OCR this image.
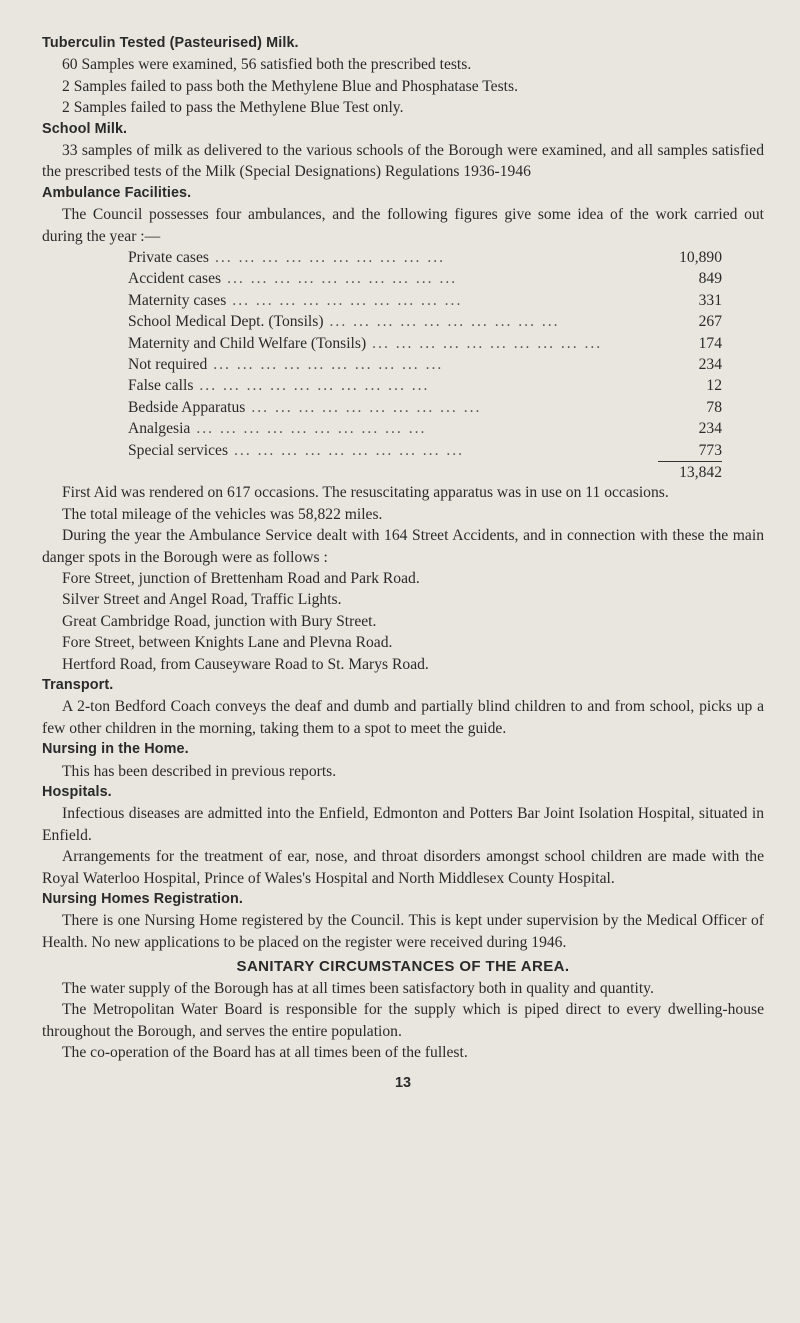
Tuberculin Tested (Pasteurised) Milk.

60 Samples were examined, 56 satisfied both the prescribed tests.

2 Samples failed to pass both the Methylene Blue and Phosphatase Tests.

2 Samples failed to pass the Methylene Blue Test only.

School Milk.

33 samples of milk as delivered to the various schools of the Borough were examined, and all samples satisfied the prescribed tests of the Milk (Special Designations) Regulations 1936-1946

Ambulance Facilities.

The Council possesses four ambulances, and the following figures give some idea of the work carried out during the year :—

Private cases ... ... ... ... ... ... ... ... ... ...	10,890
Accident cases ... ... ... ... ... ... ... ... ... ...	849
Maternity cases ... ... ... ... ... ... ... ... ... ...	331
School Medical Dept. (Tonsils) ... ... ... ... ... ... ... ... ... ...	267
Maternity and Child Welfare (Tonsils) ... ... ... ... ... ... ... ... ... ...	174
Not required ... ... ... ... ... ... ... ... ... ...	234
False calls ... ... ... ... ... ... ... ... ... ...	12
Bedside Apparatus ... ... ... ... ... ... ... ... ... ...	78
Analgesia ... ... ... ... ... ... ... ... ... ...	234
Special services ... ... ... ... ... ... ... ... ... ...	773
13,842

First Aid was rendered on 617 occasions. The resuscitating apparatus was in use on 11 occasions.

The total mileage of the vehicles was 58,822 miles.

During the year the Ambulance Service dealt with 164 Street Accidents, and in connection with these the main danger spots in the Borough were as follows :

Fore Street, junction of Brettenham Road and Park Road.

Silver Street and Angel Road, Traffic Lights.

Great Cambridge Road, junction with Bury Street.

Fore Street, between Knights Lane and Plevna Road.

Hertford Road, from Causeyware Road to St. Marys Road.

Transport.

A 2-ton Bedford Coach conveys the deaf and dumb and partially blind children to and from school, picks up a few other children in the morning, taking them to a spot to meet the guide.

Nursing in the Home.

This has been described in previous reports.

Hospitals.

Infectious diseases are admitted into the Enfield, Edmonton and Potters Bar Joint Isolation Hospital, situated in Enfield.

Arrangements for the treatment of ear, nose, and throat disorders amongst school children are made with the Royal Waterloo Hospital, Prince of Wales's Hospital and North Middlesex County Hospital.

Nursing Homes Registration.

There is one Nursing Home registered by the Council. This is kept under supervision by the Medical Officer of Health. No new applications to be placed on the register were received during 1946.

SANITARY CIRCUMSTANCES OF THE AREA.

The water supply of the Borough has at all times been satisfactory both in quality and quantity.

The Metropolitan Water Board is responsible for the supply which is piped direct to every dwelling-house throughout the Borough, and serves the entire population.

The co-operation of the Board has at all times been of the fullest.

13
